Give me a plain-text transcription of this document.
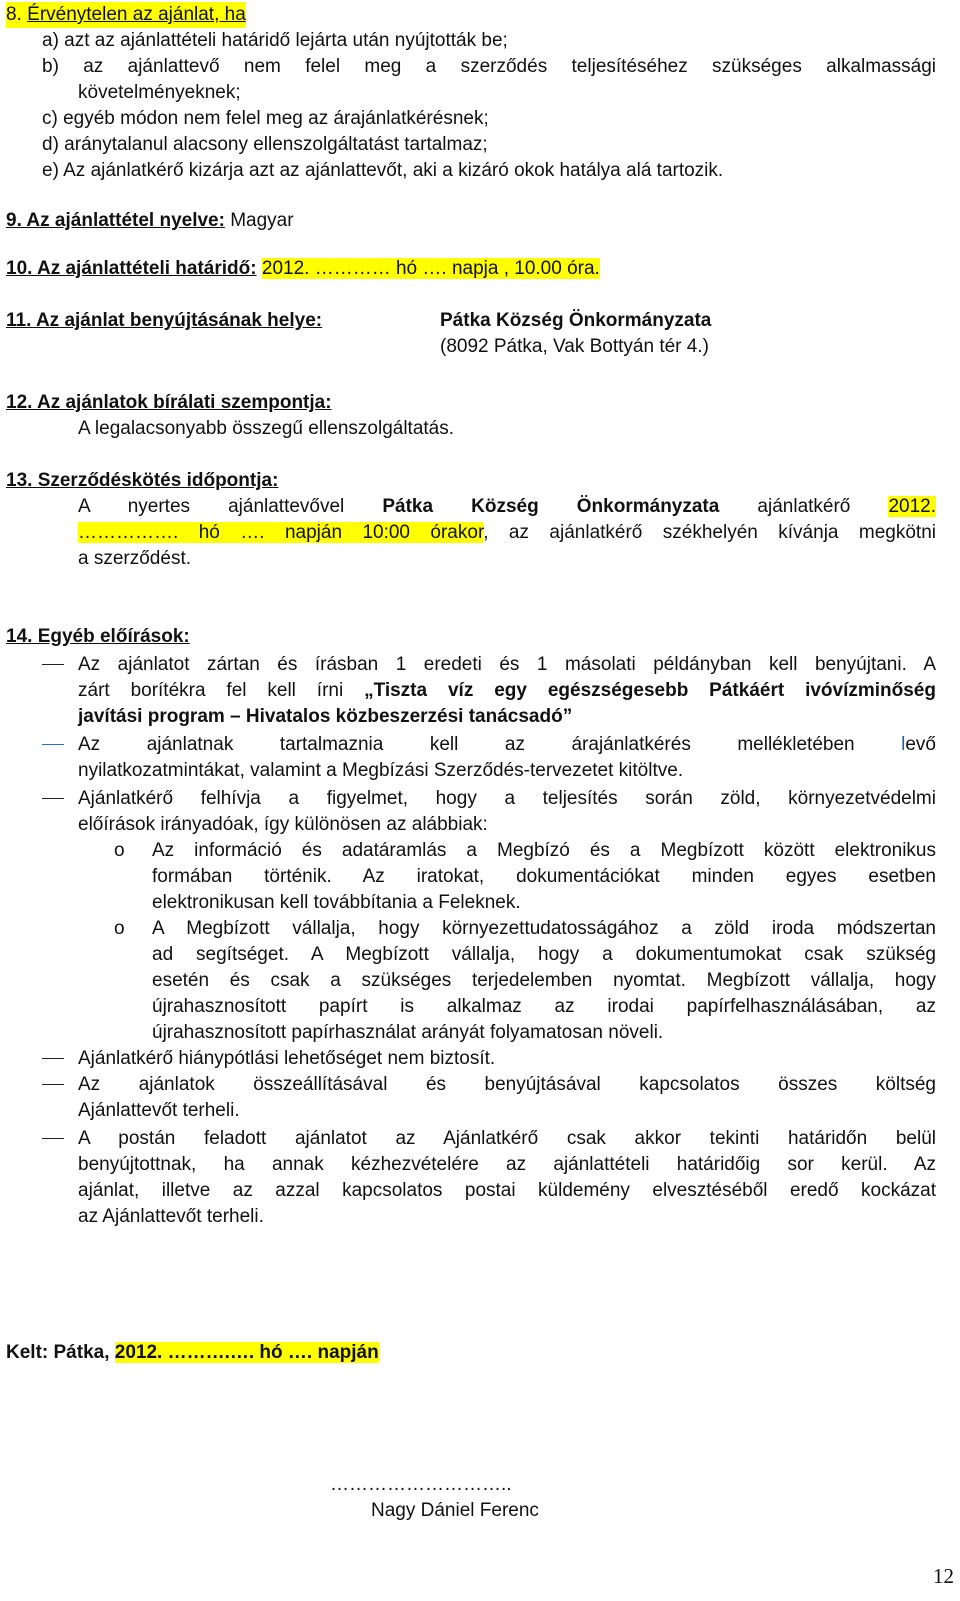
8. Érvénytelen az ajánlat, ha
a) azt az ajánlattételi határidő lejárta után nyújtották be;
b) az ajánlattevő nem felel meg a szerződés teljesítéséhez szükséges alkalmassági
követelményeknek;
c) egyéb módon nem felel meg az árajánlatkérésnek;
d) aránytalanul alacsony ellenszolgáltatást tartalmaz;
e) Az ajánlatkérő kizárja azt az ajánlattevőt, aki a kizáró okok hatálya alá tartozik.
9. Az ajánlattétel nyelve: Magyar
10. Az ajánlattételi határidő: 2012. ………… hó …. napja , 10.00 óra.
11. Az ajánlat benyújtásának helye:	Pátka Község Önkormányzata
(8092 Pátka, Vak Bottyán tér 4.)
12. Az ajánlatok bírálati szempontja:
A legalacsonyabb összegű ellenszolgáltatás.
13. Szerződéskötés időpontja:
A nyertes ajánlattevővel Pátka Község Önkormányzata ajánlatkérő 2012.
……………. hó …. napján 10:00 órakor, az ajánlatkérő székhelyén kívánja megkötni
a szerződést.
14. Egyéb előírások:
Az ajánlatot zártan és írásban 1 eredeti és 1 másolati példányban kell benyújtani. A
zárt borítékra fel kell írni „Tiszta víz egy egészségesebb Pátkáért ivóvízminőség
javítási program – Hivatalos közbeszerzési tanácsadó”
Az ajánlatnak tartalmaznia kell az árajánlatkérés mellékletében levő
nyilatkozatmintákat, valamint a Megbízási Szerződés-tervezetet kitöltve.
Ajánlatkérő felhívja a figyelmet, hogy a teljesítés során zöld, környezetvédelmi
előírások irányadóak, így különösen az alábbiak:
o Az információ és adatáramlás a Megbízó és a Megbízott között elektronikus
formában történik. Az iratokat, dokumentációkat minden egyes esetben
elektronikusan kell továbbítania a Feleknek.
o A Megbízott vállalja, hogy környezettudatosságához a zöld iroda módszertan
ad segítséget. A Megbízott vállalja, hogy a dokumentumokat csak szükség
esetén és csak a szükséges terjedelemben nyomtat. Megbízott vállalja, hogy
újrahasznosított papírt is alkalmaz az irodai papírfelhasználásában, az
újrahasznosított papírhasználat arányát folyamatosan növeli.
Ajánlatkérő hiánypótlási lehetőséget nem biztosít.
Az ajánlatok összeállításával és benyújtásával kapcsolatos összes költség
Ajánlattevőt terheli.
A postán feladott ajánlatot az Ajánlatkérő csak akkor tekinti határidőn belül
benyújtottnak, ha annak kézhezvételére az ajánlattételi határidőig sor kerül. Az
ajánlat, illetve az azzal kapcsolatos postai küldemény elvesztéséből eredő kockázat
az Ajánlattevőt terheli.
Kelt: Pátka, 2012. ……….…. hó …. napján
………………………..
Nagy Dániel Ferenc
12
